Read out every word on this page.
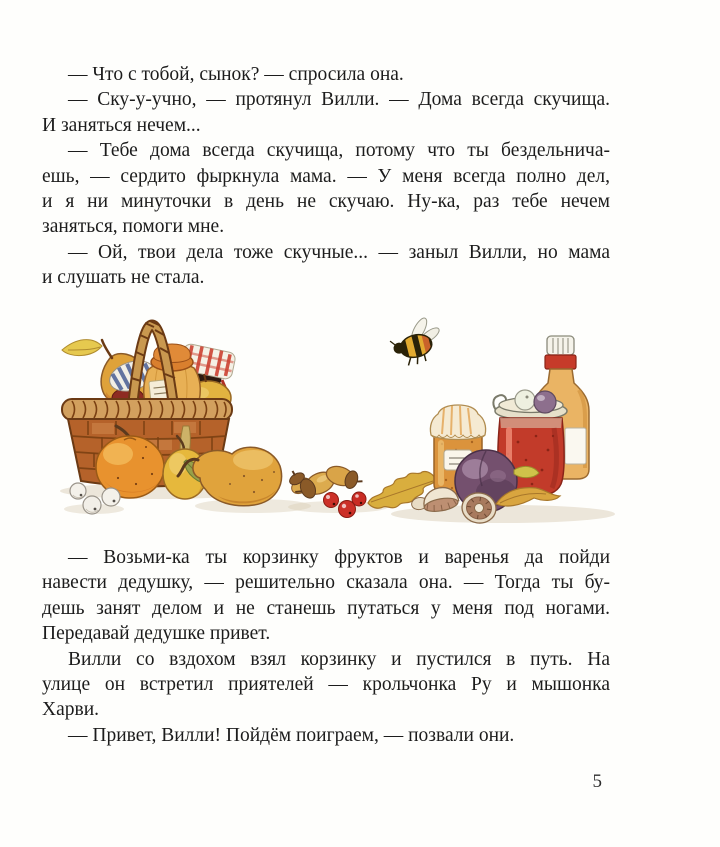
— Что с тобой, сынок? — спросила она.
— Ску-у-учно, — протянул Вилли. — Дома всегда скучища.
И заняться нечем...
— Тебе дома всегда скучища, потому что ты бездельнича-
ешь, — сердито фыркнула мама. — У меня всегда полно дел,
и я ни минуточки в день не скучаю. Ну-ка, раз тебе нечем
заняться, помоги мне.
— Ой, твои дела тоже скучные... — заныл Вилли, но мама
и слушать не стала.
— Возьми-ка ты корзинку фруктов и варенья да пойди
навести дедушку, — решительно сказала она. — Тогда ты бу-
дешь занят делом и не станешь путаться у меня под ногами.
Передавай дедушке привет.
Вилли со вздохом взял корзинку и пустился в путь. На
улице он встретил приятелей — крольчонка Ру и мышонка
Харви.
— Привет, Вилли! Пойдём поиграем, — позвали они.
5
